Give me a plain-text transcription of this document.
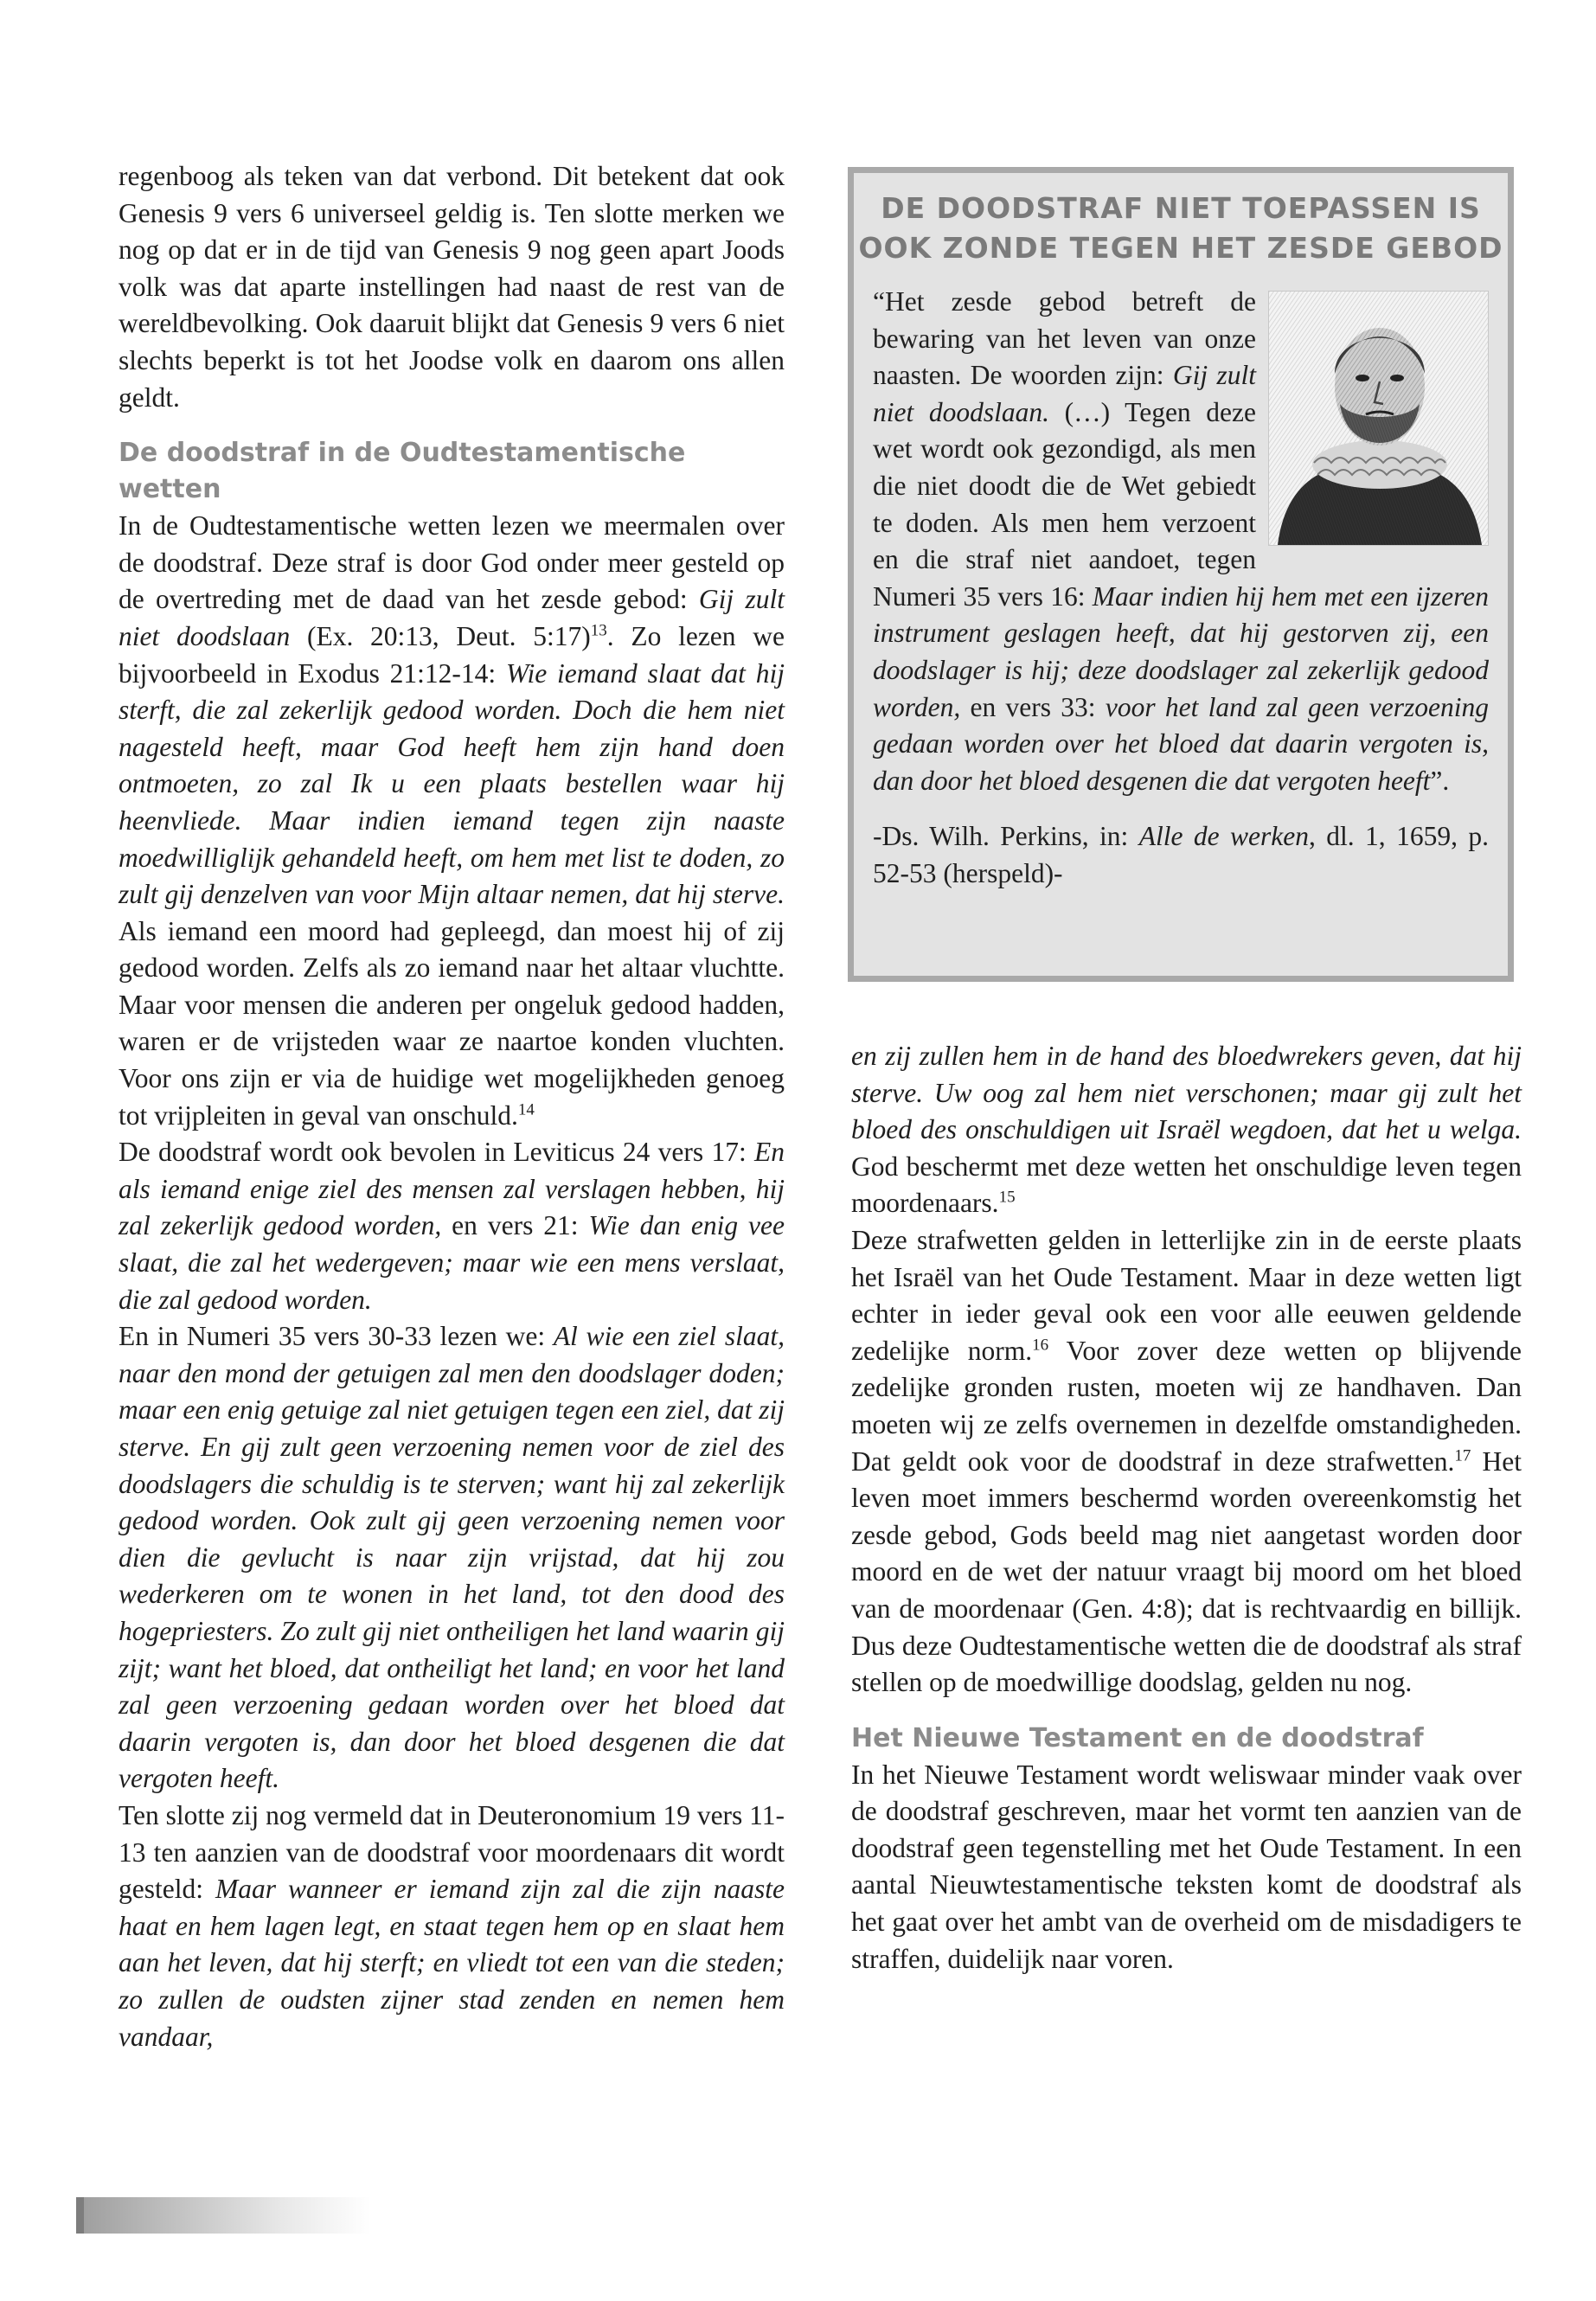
regenboog als teken van dat verbond. Dit betekent dat ook Genesis 9 vers 6 universeel geldig is. Ten slotte merken we nog op dat er in de tijd van Genesis 9 nog geen apart Joods volk was dat aparte instellingen had naast de rest van de wereldbevolking. Ook daaruit blijkt dat Genesis 9 vers 6 niet slechts beperkt is tot het Joodse volk en daarom ons allen geldt.

De doodstraf in de Oudtestamentische wetten

In de Oudtestamentische wetten lezen we meermalen over de doodstraf. Deze straf is door God onder meer gesteld op de overtreding met de daad van het zesde gebod: Gij zult niet doodslaan (Ex. 20:13, Deut. 5:17)$^{13}$. Zo lezen we bijvoorbeeld in Exodus 21:12-14: Wie iemand slaat dat hij sterft, die zal zekerlijk gedood worden. Doch die hem niet nagesteld heeft, maar God heeft hem zijn hand doen ontmoeten, zo zal Ik u een plaats bestellen waar hij heenvliede. Maar indien iemand tegen zijn naaste moedwilliglijk gehandeld heeft, om hem met list te doden, zo zult gij denzelven van voor Mijn altaar nemen, dat hij sterve. Als iemand een moord had gepleegd, dan moest hij of zij gedood worden. Zelfs als zo iemand naar het altaar vluchtte. Maar voor mensen die anderen per ongeluk gedood hadden, waren er de vrijsteden waar ze naartoe konden vluchten. Voor ons zijn er via de huidige wet mogelijkheden genoeg tot vrijpleiten in geval van onschuld.$^{14}$

De doodstraf wordt ook bevolen in Leviticus 24 vers 17: En als iemand enige ziel des mensen zal verslagen hebben, hij zal zekerlijk gedood worden, en vers 21: Wie dan enig vee slaat, die zal het wedergeven; maar wie een mens verslaat, die zal gedood worden.

En in Numeri 35 vers 30-33 lezen we: Al wie een ziel slaat, naar den mond der getuigen zal men den doodslager doden; maar een enig getuige zal niet getuigen tegen een ziel, dat zij sterve. En gij zult geen verzoening nemen voor de ziel des doodslagers die schuldig is te sterven; want hij zal zekerlijk gedood worden. Ook zult gij geen verzoening nemen voor dien die gevlucht is naar zijn vrijstad, dat hij zou wederkeren om te wonen in het land, tot den dood des hogepriesters. Zo zult gij niet ontheiligen het land waarin gij zijt; want het bloed, dat ontheiligt het land; en voor het land zal geen verzoening gedaan worden over het bloed dat daarin vergoten is, dan door het bloed desgenen die dat vergoten heeft.

Ten slotte zij nog vermeld dat in Deuteronomium 19 vers 11-13 ten aanzien van de doodstraf voor moordenaars dit wordt gesteld: Maar wanneer er iemand zijn zal die zijn naaste haat en hem lagen legt, en staat tegen hem op en slaat hem aan het leven, dat hij sterft; en vliedt tot een van die steden; zo zullen de oudsten zijner stad zenden en nemen hem vandaar,

DE DOODSTRAF NIET TOEPASSEN IS
OOK ZONDE TEGEN HET ZESDE GEBOD

“Het zesde gebod betreft de bewaring van het leven van onze naasten. De woorden zijn: Gij zult niet doodslaan. (…) Tegen deze wet wordt ook gezondigd, als men die niet doodt die de Wet gebiedt te doden. Als men hem verzoent en die straf niet aandoet, tegen Numeri 35 vers 16: Maar indien hij hem met een ijzeren instrument geslagen heeft, dat hij gestorven zij, een doodslager is hij; deze doodslager zal zekerlijk gedood worden, en vers 33: voor het land zal geen verzoening gedaan worden over het bloed dat daarin vergoten is, dan door het bloed desgenen die dat vergoten heeft”.

-Ds. Wilh. Perkins, in: Alle de werken, dl. 1, 1659, p. 52-53 (herspeld)-

en zij zullen hem in de hand des bloedwrekers geven, dat hij sterve. Uw oog zal hem niet verschonen; maar gij zult het bloed des onschuldigen uit Israël wegdoen, dat het u welga. God beschermt met deze wetten het onschuldige leven tegen moordenaars.$^{15}$

Deze strafwetten gelden in letterlijke zin in de eerste plaats het Israël van het Oude Testament. Maar in deze wetten ligt echter in ieder geval ook een voor alle eeuwen geldende zedelijke norm.$^{16}$ Voor zover deze wetten op blijvende zedelijke gronden rusten, moeten wij ze handhaven. Dan moeten wij ze zelfs overnemen in dezelfde omstandigheden. Dat geldt ook voor de doodstraf in deze strafwetten.$^{17}$ Het leven moet immers beschermd worden overeenkomstig het zesde gebod, Gods beeld mag niet aangetast worden door moord en de wet der natuur vraagt bij moord om het bloed van de moordenaar (Gen. 4:8); dat is rechtvaardig en billijk. Dus deze Oudtestamentische wetten die de doodstraf als straf stellen op de moedwillige doodslag, gelden nu nog.

Het Nieuwe Testament en de doodstraf

In het Nieuwe Testament wordt weliswaar minder vaak over de doodstraf geschreven, maar het vormt ten aanzien van de doodstraf geen tegenstelling met het Oude Testament. In een aantal Nieuwtestamentische teksten komt de doodstraf als het gaat over het ambt van de overheid om de misdadigers te straffen, duidelijk naar voren.

24
